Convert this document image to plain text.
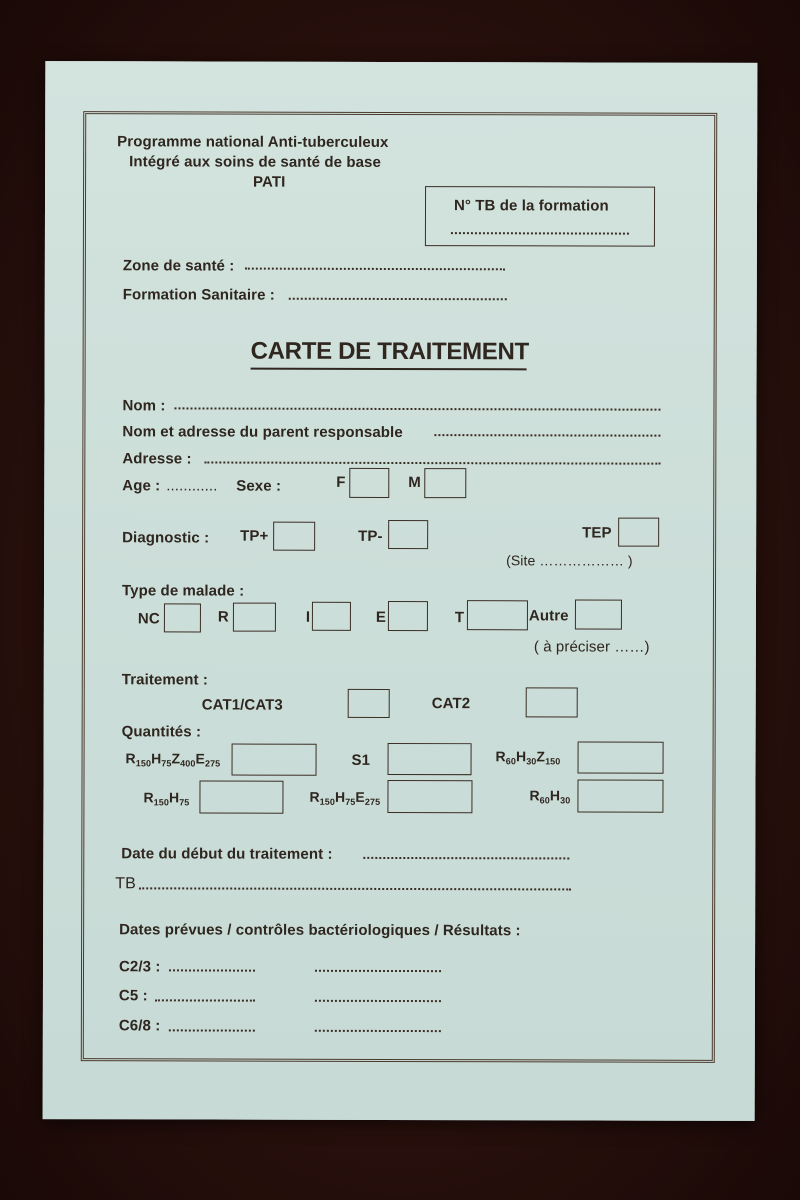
Programme national Anti-tuberculeux
Intégré aux soins de santé de base
PATI
N° TB de la formation
Zone de santé :
Formation Sanitaire :
CARTE DE TRAITEMENT
Nom :
Nom et adresse du parent responsable
Adresse :
Age : ............ Sexe :	F	M
Diagnostic : TP+	TP-	TEP
(Site ……………… )
Type de malade :
NC	R	I	E	T	Autre
( à préciser ……)
Traitement :
CAT1/CAT3	CAT2
Quantités :
$R_{150}H_{75}Z_{400}E_{275}$	S1	$R_{60}H_{30}Z_{150}$
$R_{150}H_{75}$	$R_{150}H_{75}E_{275}$	$R_{60}H_{30}$
Date du début du traitement :
TB
Dates prévues / contrôles bactériologiques / Résultats :
C2/3 :
C5 :
C6/8 :
